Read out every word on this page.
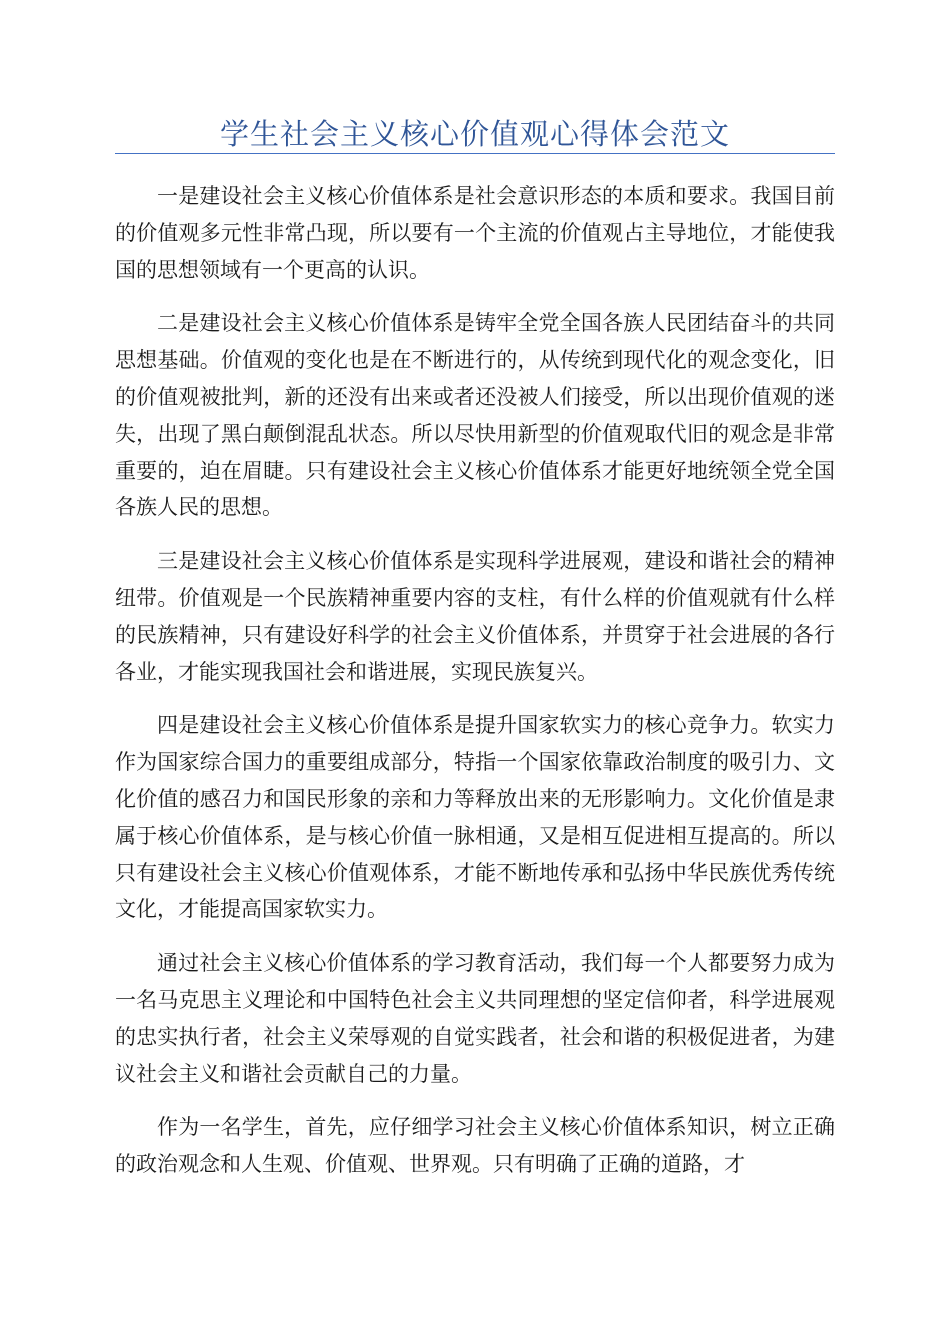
学生社会主义核心价值观心得体会范文

一是建设社会主义核心价值体系是社会意识形态的本质和要求。我国目前的价值观多元性非常凸现，所以要有一个主流的价值观占主导地位，才能使我国的思想领域有一个更高的认识。

二是建设社会主义核心价值体系是铸牢全党全国各族人民团结奋斗的共同思想基础。价值观的变化也是在不断进行的，从传统到现代化的观念变化，旧的价值观被批判，新的还没有出来或者还没被人们接受，所以出现价值观的迷失，出现了黑白颠倒混乱状态。所以尽快用新型的价值观取代旧的观念是非常重要的，迫在眉睫。只有建设社会主义核心价值体系才能更好地统领全党全国各族人民的思想。

三是建设社会主义核心价值体系是实现科学进展观，建设和谐社会的精神纽带。价值观是一个民族精神重要内容的支柱，有什么样的价值观就有什么样的民族精神，只有建设好科学的社会主义价值体系，并贯穿于社会进展的各行各业，才能实现我国社会和谐进展，实现民族复兴。

四是建设社会主义核心价值体系是提升国家软实力的核心竞争力。软实力作为国家综合国力的重要组成部分，特指一个国家依靠政治制度的吸引力、文化价值的感召力和国民形象的亲和力等释放出来的无形影响力。文化价值是隶属于核心价值体系，是与核心价值一脉相通，又是相互促进相互提高的。所以只有建设社会主义核心价值观体系，才能不断地传承和弘扬中华民族优秀传统文化，才能提高国家软实力。

通过社会主义核心价值体系的学习教育活动，我们每一个人都要努力成为一名马克思主义理论和中国特色社会主义共同理想的坚定信仰者，科学进展观的忠实执行者，社会主义荣辱观的自觉实践者，社会和谐的积极促进者，为建议社会主义和谐社会贡献自己的力量。

作为一名学生，首先，应仔细学习社会主义核心价值体系知识，树立正确的政治观念和人生观、价值观、世界观。只有明确了正确的道路，才
